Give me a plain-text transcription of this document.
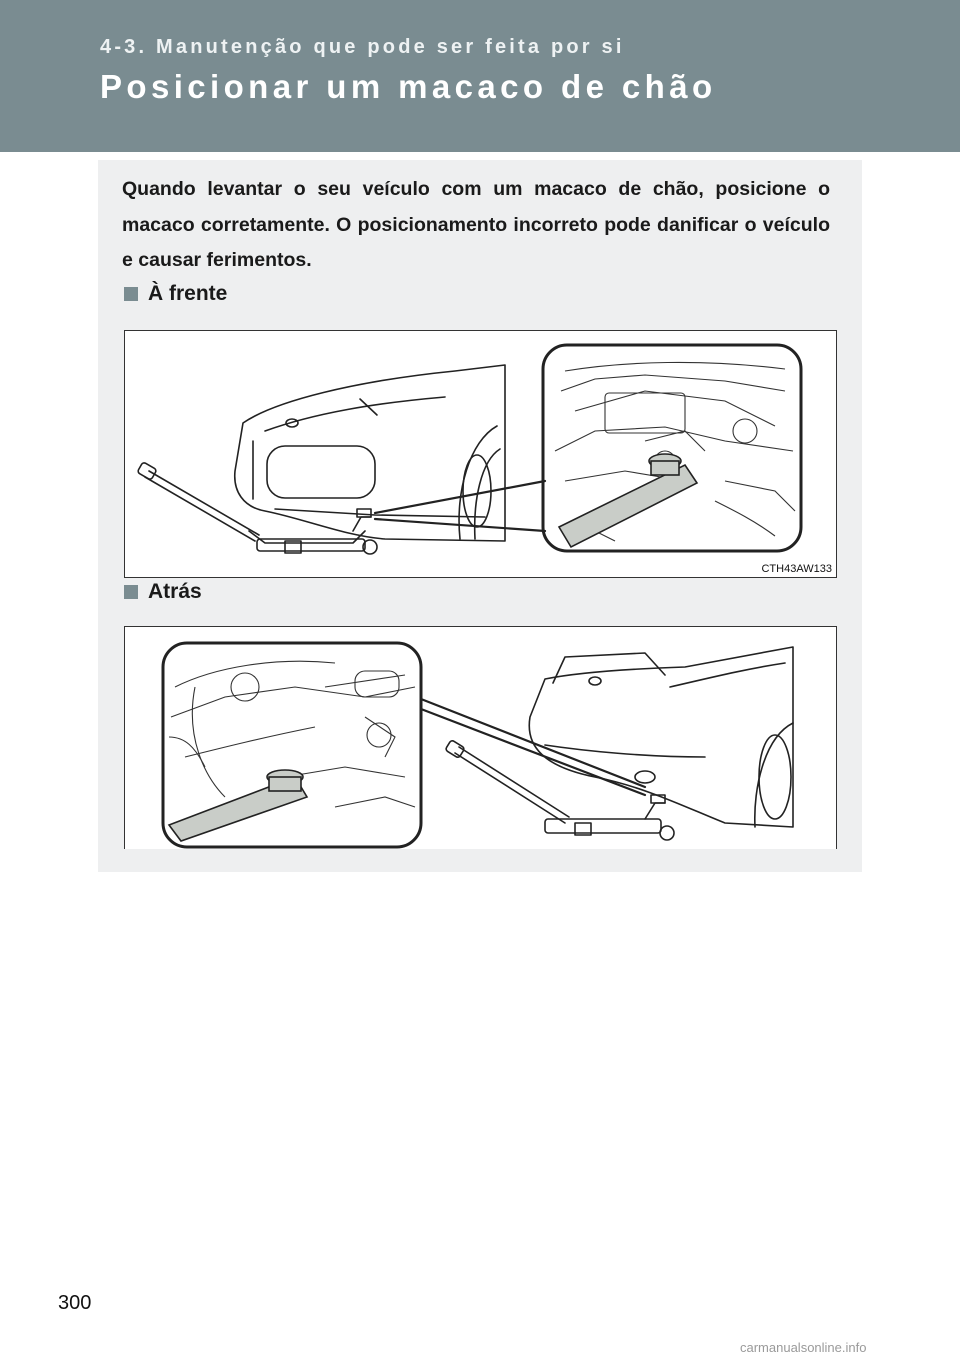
4-3. Manutenção que pode ser feita por si
Posicionar um macaco de chão
Quando levantar o seu veículo com um macaco de chão, posicione o macaco corretamente. O posicionamento incorreto pode danificar o veículo e causar ferimentos.
À frente
CTH43AW133
Atrás
300
carmanualsonline.info
